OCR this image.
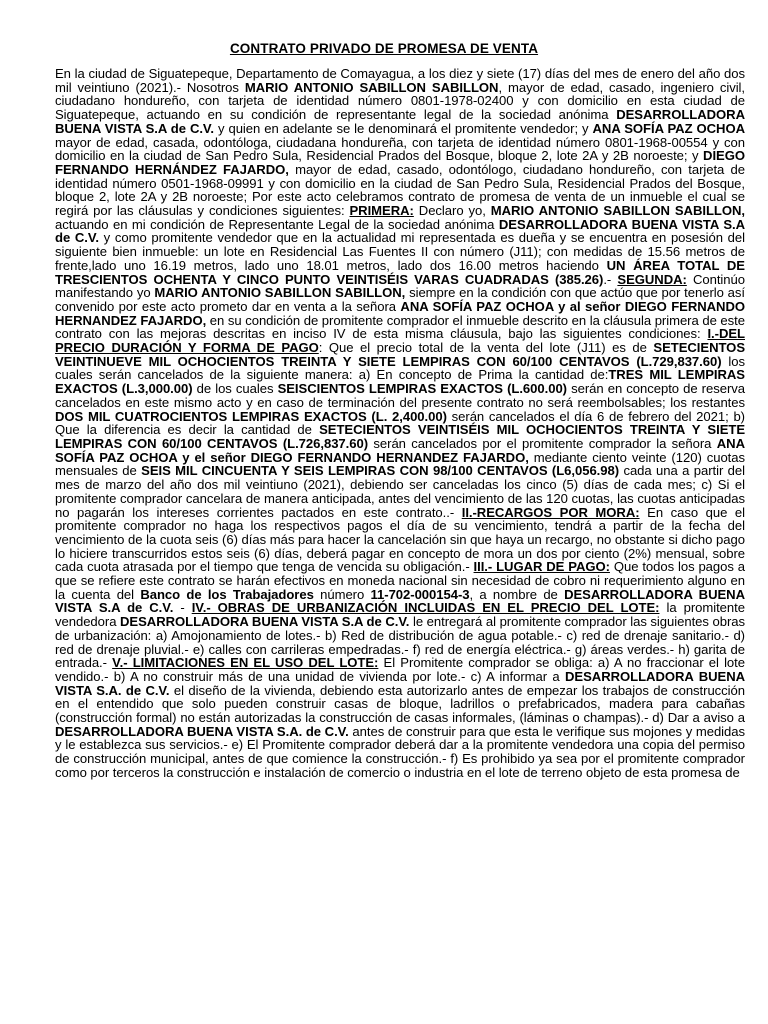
CONTRATO PRIVADO DE PROMESA DE VENTA
En la ciudad de Siguatepeque, Departamento de Comayagua, a los diez y siete (17) días del mes de enero del año dos mil veintiuno (2021).- Nosotros MARIO ANTONIO SABILLON SABILLON, mayor de edad, casado, ingeniero civil, ciudadano hondureño, con tarjeta de identidad número 0801-1978-02400 y con domicilio en esta ciudad de Siguatepeque, actuando en su condición de representante legal de la sociedad anónima DESARROLLADORA BUENA VISTA S.A de C.V. y quien en adelante se le denominará el promitente vendedor; y ANA SOFÍA PAZ OCHOA mayor de edad, casada, odontóloga, ciudadana hondureña, con tarjeta de identidad número 0801-1968-00554 y con domicilio en la ciudad de San Pedro Sula, Residencial Prados del Bosque, bloque 2, lote 2A y 2B noroeste; y DIEGO FERNANDO HERNÁNDEZ FAJARDO, mayor de edad, casado, odontólogo, ciudadano hondureño, con tarjeta de identidad número 0501-1968-09991 y con domicilio en la ciudad de San Pedro Sula, Residencial Prados del Bosque, bloque 2, lote 2A y 2B noroeste; Por este acto celebramos contrato de promesa de venta de un inmueble el cual se regirá por las cláusulas y condiciones siguientes: PRIMERA: Declaro yo, MARIO ANTONIO SABILLON SABILLON, actuando en mi condición de Representante Legal de la sociedad anónima DESARROLLADORA BUENA VISTA S.A de C.V. y como promitente vendedor que en la actualidad mi representada es dueña y se encuentra en posesión del siguiente bien inmueble: un lote en Residencial Las Fuentes II con número (J11); con medidas de 15.56 metros de frente,lado uno 16.19 metros, lado uno 18.01 metros, lado dos 16.00 metros haciendo UN ÁREA TOTAL DE TRESCIENTOS OCHENTA Y CINCO PUNTO VEINTISÉIS VARAS CUADRADAS (385.26).- SEGUNDA: Continúo manifestando yo MARIO ANTONIO SABILLON SABILLON, siempre en la condición con que actúo que por tenerlo así convenido por este acto prometo dar en venta a la señora ANA SOFÍA PAZ OCHOA y al señor DIEGO FERNANDO HERNANDEZ FAJARDO, en su condición de promitente comprador el inmueble descrito en la cláusula primera de este contrato con las mejoras descritas en inciso IV de esta misma cláusula, bajo las siguientes condiciones: I.-DEL PRECIO DURACIÓN Y FORMA DE PAGO: Que el precio total de la venta del lote (J11) es de SETECIENTOS VEINTINUEVE MIL OCHOCIENTOS TREINTA Y SIETE LEMPIRAS CON 60/100 CENTAVOS (L.729,837.60) los cuales serán cancelados de la siguiente manera: a) En concepto de Prima la cantidad de:TRES MIL LEMPIRAS EXACTOS (L.3,000.00) de los cuales SEISCIENTOS LEMPIRAS EXACTOS (L.600.00) serán en concepto de reserva cancelados en este mismo acto y en caso de terminación del presente contrato no será reembolsables; los restantes DOS MIL CUATROCIENTOS LEMPIRAS EXACTOS (L. 2,400.00) serán cancelados el día 6 de febrero del 2021; b) Que la diferencia es decir la cantidad de SETECIENTOS VEINTISÉIS MIL OCHOCIENTOS TREINTA Y SIETE LEMPIRAS CON 60/100 CENTAVOS (L.726,837.60) serán cancelados por el promitente comprador la señora ANA SOFÍA PAZ OCHOA y el señor DIEGO FERNANDO HERNANDEZ FAJARDO, mediante ciento veinte (120) cuotas mensuales de SEIS MIL CINCUENTA Y SEIS LEMPIRAS CON 98/100 CENTAVOS (L6,056.98) cada una a partir del mes de marzo del año dos mil veintiuno (2021), debiendo ser canceladas los cinco (5) días de cada mes; c) Si el promitente comprador cancelara de manera anticipada, antes del vencimiento de las 120 cuotas, las cuotas anticipadas no pagarán los intereses corrientes pactados en este contrato..- II.-RECARGOS POR MORA: En caso que el promitente comprador no haga los respectivos pagos el día de su vencimiento, tendrá a partir de la fecha del vencimiento de la cuota seis (6) días más para hacer la cancelación sin que haya un recargo, no obstante si dicho pago lo hiciere transcurridos estos seis (6) días, deberá pagar en concepto de mora un dos por ciento (2%) mensual, sobre cada cuota atrasada por el tiempo que tenga de vencida su obligación.- III.- LUGAR DE PAGO: Que todos los pagos a que se refiere este contrato se harán efectivos en moneda nacional sin necesidad de cobro ni requerimiento alguno en la cuenta del Banco de los Trabajadores número 11-702-000154-3, a nombre de DESARROLLADORA BUENA VISTA S.A de C.V. - IV.- OBRAS DE URBANIZACIÓN INCLUIDAS EN EL PRECIO DEL LOTE: la promitente vendedora DESARROLLADORA BUENA VISTA S.A de C.V. le entregará al promitente comprador las siguientes obras de urbanización: a) Amojonamiento de lotes.- b) Red de distribución de agua potable.- c) red de drenaje sanitario.- d) red de drenaje pluvial.- e) calles con carrileras empedradas.- f) red de energía eléctrica.- g) áreas verdes.- h) garita de entrada.- V.- LIMITACIONES EN EL USO DEL LOTE: El Promitente comprador se obliga: a) A no fraccionar el lote vendido.- b) A no construir más de una unidad de vivienda por lote.- c) A informar a DESARROLLADORA BUENA VISTA S.A. de C.V. el diseño de la vivienda, debiendo esta autorizarlo antes de empezar los trabajos de construcción en el entendido que solo pueden construir casas de bloque, ladrillos o prefabricados, madera para cabañas (construcción formal) no están autorizadas la construcción de casas informales, (láminas o champas).- d) Dar a aviso a DESARROLLADORA BUENA VISTA S.A. de C.V. antes de construir para que esta le verifique sus mojones y medidas y le establezca sus servicios.- e) El Promitente comprador deberá dar a la promitente vendedora una copia del permiso de construcción municipal, antes de que comience la construcción.- f) Es prohibido ya sea por el promitente comprador como por terceros la construcción e instalación de comercio o industria en el lote de terreno objeto de esta promesa de
